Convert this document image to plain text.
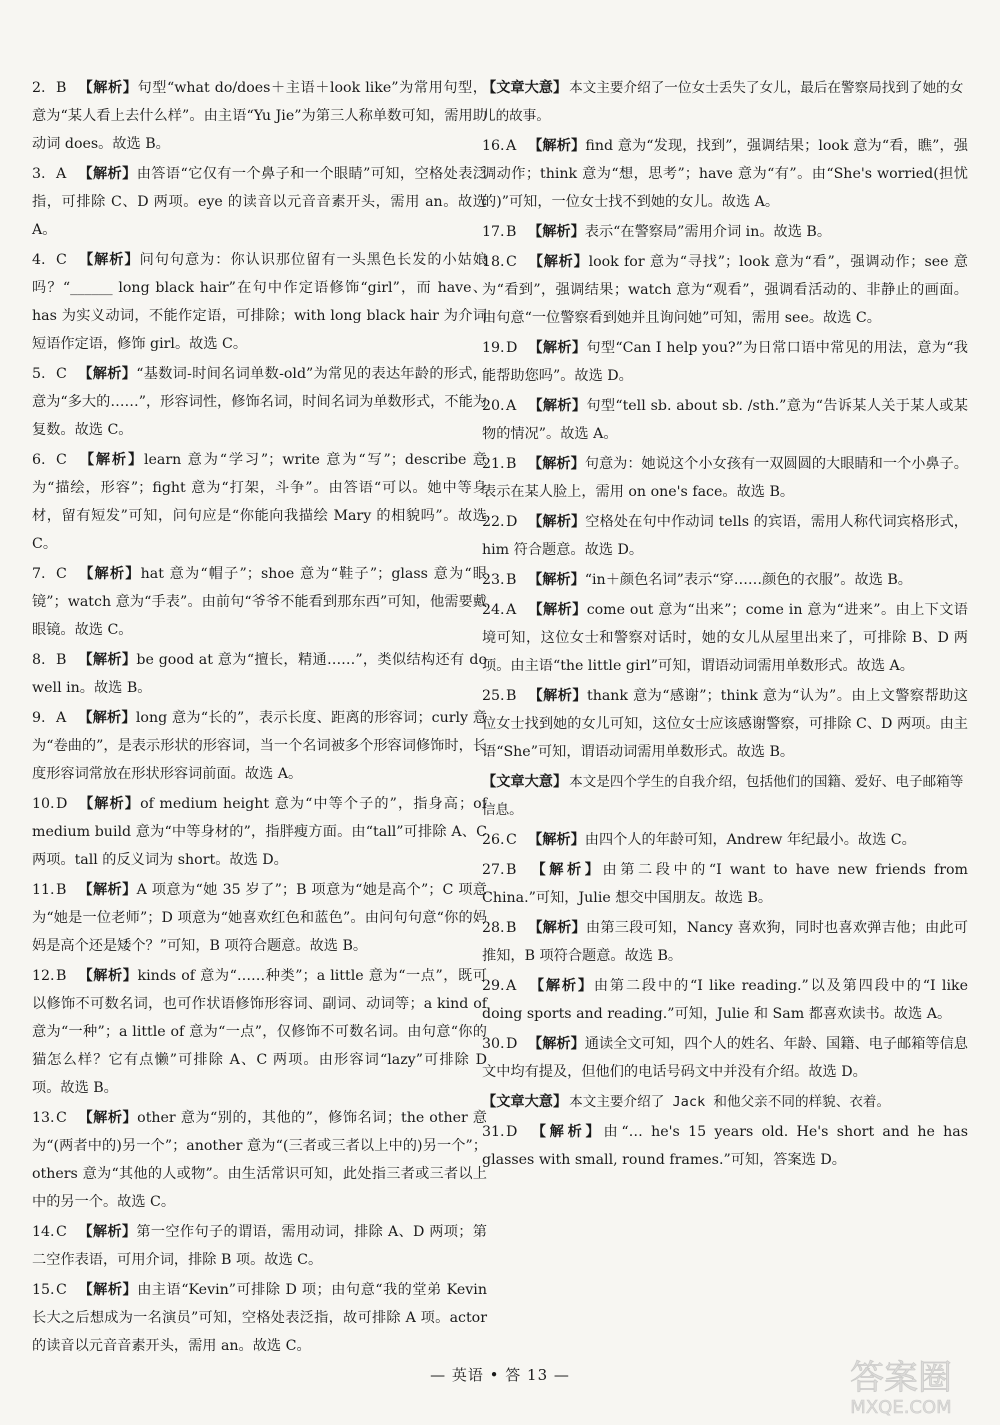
2. B 【解析】句型“what do/does＋主语＋look like”为常用句型，意为“某人看上去什么样”。由主语“Yu Jie”为第三人称单数可知，需用助动词 does。故选 B。
3. A 【解析】由答语“它仅有一个鼻子和一个眼睛”可知，空格处表泛指，可排除 C、D 两项。eye 的读音以元音音素开头，需用 an。故选 A。
4. C 【解析】问句句意为：你认识那位留有一头黑色长发的小姑娘吗？“______ long black hair”在句中作定语修饰“girl”，而 have、has 为实义动词，不能作定语，可排除；with long black hair 为介词短语作定语，修饰 girl。故选 C。
5. C 【解析】“基数词-时间名词单数-old”为常见的表达年龄的形式，意为“多大的……”，形容词性，修饰名词，时间名词为单数形式，不能为复数。故选 C。
6. C 【解析】learn 意为“学习”；write 意为“写”；describe 意为“描绘，形容”；fight 意为“打架，斗争”。由答语“可以。她中等身材，留有短发”可知，问句应是“你能向我描绘 Mary 的相貌吗”。故选 C。
7. C 【解析】hat 意为“帽子”；shoe 意为“鞋子”；glass 意为“眼镜”；watch 意为“手表”。由前句“爷爷不能看到那东西”可知，他需要戴眼镜。故选 C。
8. B 【解析】be good at 意为“擅长，精通……”，类似结构还有 do well in。故选 B。
9. A 【解析】long 意为“长的”，表示长度、距离的形容词；curly 意为“卷曲的”，是表示形状的形容词，当一个名词被多个形容词修饰时，长度形容词常放在形状形容词前面。故选 A。
10.D 【解析】of medium height 意为“中等个子的”，指身高；of medium build 意为“中等身材的”，指胖瘦方面。由“tall”可排除 A、C 两项。tall 的反义词为 short。故选 D。
11.B 【解析】A 项意为“她 35 岁了”；B 项意为“她是高个”；C 项意为“她是一位老师”；D 项意为“她喜欢红色和蓝色”。由问句句意“你的妈妈是高个还是矮个？”可知，B 项符合题意。故选 B。
12.B 【解析】kinds of 意为“……种类”；a little 意为“一点”，既可以修饰不可数名词，也可作状语修饰形容词、副词、动词等；a kind of 意为“一种”；a little of 意为“一点”，仅修饰不可数名词。由句意“你的猫怎么样？它有点懒”可排除 A、C 两项。由形容词“lazy”可排除 D 项。故选 B。
13.C 【解析】other 意为“别的，其他的”，修饰名词；the other 意为“(两者中的)另一个”；another 意为“(三者或三者以上中的)另一个”；others 意为“其他的人或物”。由生活常识可知，此处指三者或三者以上中的另一个。故选 C。
14.C 【解析】第一空作句子的谓语，需用动词，排除 A、D 两项；第二空作表语，可用介词，排除 B 项。故选 C。
15.C 【解析】由主语“Kevin”可排除 D 项；由句意“我的堂弟 Kevin 长大之后想成为一名演员”可知，空格处表泛指，故可排除 A 项。actor 的读音以元音音素开头，需用 an。故选 C。
【文章大意】 本文主要介绍了一位女士丢失了女儿，最后在警察局找到了她的女儿的故事。
16.A 【解析】find 意为“发现，找到”，强调结果；look 意为“看，瞧”，强调动作；think 意为“想，思考”；have 意为“有”。由“She's worried(担忧的)”可知，一位女士找不到她的女儿。故选 A。
17.B 【解析】表示“在警察局”需用介词 in。故选 B。
18.C 【解析】look for 意为“寻找”；look 意为“看”，强调动作；see 意为“看到”，强调结果；watch 意为“观看”，强调看活动的、非静止的画面。由句意“一位警察看到她并且询问她”可知，需用 see。故选 C。
19.D 【解析】句型“Can I help you?”为日常口语中常见的用法，意为“我能帮助您吗”。故选 D。
20.A 【解析】句型“tell sb. about sb. /sth.”意为“告诉某人关于某人或某物的情况”。故选 A。
21.B 【解析】句意为：她说这个小女孩有一双圆圆的大眼睛和一个小鼻子。表示在某人脸上，需用 on one's face。故选 B。
22.D 【解析】空格处在句中作动词 tells 的宾语，需用人称代词宾格形式，him 符合题意。故选 D。
23.B 【解析】“in＋颜色名词”表示“穿……颜色的衣服”。故选 B。
24.A 【解析】come out 意为“出来”；come in 意为“进来”。由上下文语境可知，这位女士和警察对话时，她的女儿从屋里出来了，可排除 B、D 两项。由主语“the little girl”可知，谓语动词需用单数形式。故选 A。
25.B 【解析】thank 意为“感谢”；think 意为“认为”。由上文警察帮助这位女士找到她的女儿可知，这位女士应该感谢警察，可排除 C、D 两项。由主语“She”可知，谓语动词需用单数形式。故选 B。
【文章大意】 本文是四个学生的自我介绍，包括他们的国籍、爱好、电子邮箱等信息。
26.C 【解析】由四个人的年龄可知，Andrew 年纪最小。故选 C。
27.B 【解析】由第二段中的“I want to have new friends from China.”可知，Julie 想交中国朋友。故选 B。
28.B 【解析】由第三段可知，Nancy 喜欢狗，同时也喜欢弹吉他；由此可推知，B 项符合题意。故选 B。
29.A 【解析】由第二段中的“I like reading.”以及第四段中的“I like doing sports and reading.”可知，Julie 和 Sam 都喜欢读书。故选 A。
30.D 【解析】通读全文可知，四个人的姓名、年龄、国籍、电子邮箱等信息文中均有提及，但他们的电话号码文中并没有介绍。故选 D。
【文章大意】 本文主要介绍了 Jack 和他父亲不同的样貌、衣着。
31.D 【解析】由“… he's 15 years old. He's short and he has glasses with small, round frames.”可知，答案选 D。
— 英语 • 答 13 —	答案圈
MXQE.COM
